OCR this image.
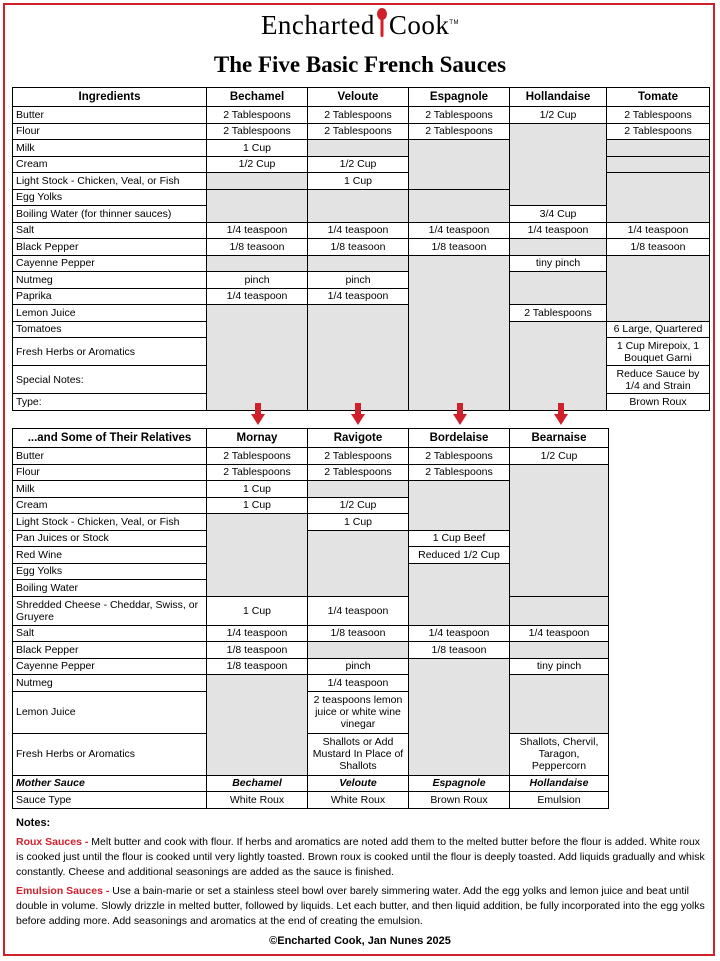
Encharted Cook™
The Five Basic French Sauces
Ingredients	Bechamel	Veloute	Espagnole	Hollandaise	Tomate
Butter	2 Tablespoons	2 Tablespoons	2 Tablespoons	1/2 Cup	2 Tablespoons
Flour	2 Tablespoons	2 Tablespoons	2 Tablespoons		2 Tablespoons
Milk	1 Cup				
Cream	1/2 Cup	1/2 Cup			
Light Stock - Chicken, Veal, or Fish		1 Cup			
Egg Yolks					
Boiling Water (for thinner sauces)				3/4 Cup	
Salt	1/4 teaspoon	1/4 teaspoon	1/4 teaspoon	1/4 teaspoon	1/4 teaspoon
Black Pepper	1/8 teasoon	1/8 teasoon	1/8 teasoon		1/8 teasoon
Cayenne Pepper				tiny pinch	
Nutmeg	pinch	pinch			
Paprika	1/4 teaspoon	1/4 teaspoon			
Lemon Juice				2 Tablespoons	
Tomatoes					6 Large, Quartered
Fresh Herbs or Aromatics					1 Cup Mirepoix, 1 Bouquet Garni
Special Notes:					Reduce Sauce by 1/4 and Strain
Type:					Brown Roux
...and Some of Their Relatives	Mornay	Ravigote	Bordelaise	Bearnaise
Butter	2 Tablespoons	2 Tablespoons	2 Tablespoons	1/2 Cup
Flour	2 Tablespoons	2 Tablespoons	2 Tablespoons	
Milk	1 Cup			
Cream	1 Cup	1/2 Cup		
Light Stock - Chicken, Veal, or Fish		1 Cup		
Pan Juices or Stock			1 Cup Beef	
Red Wine			Reduced 1/2 Cup	
Egg Yolks				
Boiling Water				
Shredded Cheese - Cheddar, Swiss, or Gruyere	1 Cup	1/4 teaspoon		
Salt	1/4 teaspoon	1/8 teasoon	1/4 teaspoon	1/4 teaspoon
Black Pepper	1/8 teaspoon		1/8 teasoon	
Cayenne Pepper	1/8 teaspoon	pinch		tiny pinch
Nutmeg		1/4 teaspoon		
Lemon Juice		2 teaspoons lemon juice or white wine vinegar		
Fresh Herbs or Aromatics		Shallots or Add Mustard In Place of Shallots		Shallots, Chervil, Taragon, Peppercorn
Mother Sauce	Bechamel	Veloute	Espagnole	Hollandaise
Sauce Type	White Roux	White Roux	Brown Roux	Emulsion
Notes:

Roux Sauces - Melt butter and cook with flour. If herbs and aromatics are noted add them to the melted butter before the flour is added. White roux is cooked just until the flour is cooked until very lightly toasted. Brown roux is cooked until the flour is deeply toasted. Add liquids gradually and whisk constantly. Cheese and additional seasonings are added as the sauce is finished.

Emulsion Sauces - Use a bain-marie or set a stainless steel bowl over barely simmering water. Add the egg yolks and lemon juice and beat until double in volume. Slowly drizzle in melted butter, followed by liquids. Let each butter, and then liquid addition, be fully incorporated into the egg yolks before adding more. Add seasonings and aromatics at the end of creating the emulsion.

©Encharted Cook, Jan Nunes 2025
